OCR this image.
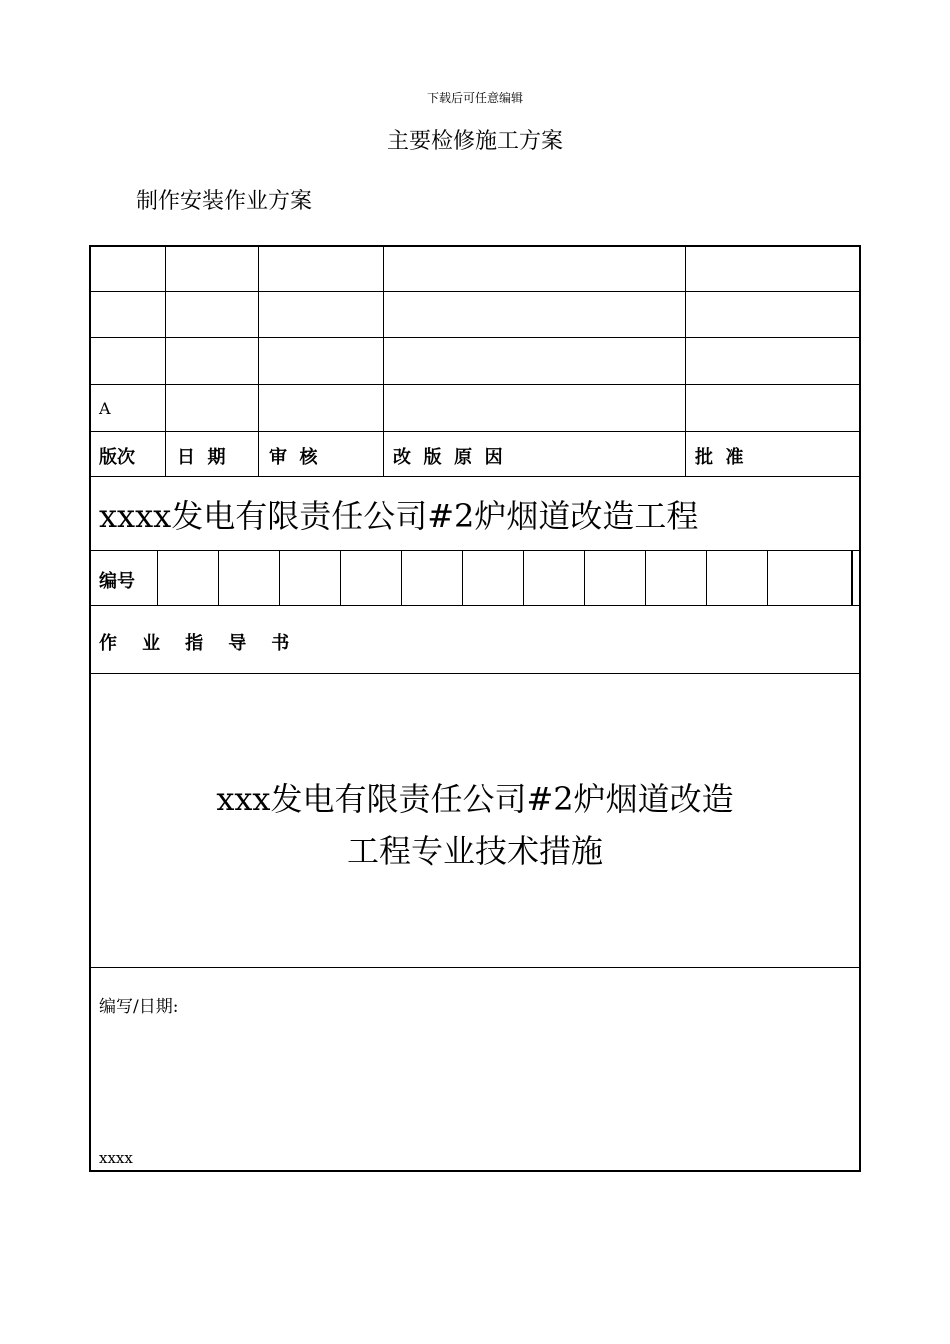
下载后可任意编辑
主要检修施工方案
制作安装作业方案
A
版次 日  期 审  核	改  版  原  因	批  准
xxxx发电有限责任公司#2炉烟道改造工程
编号
作    业    指    导    书
xxx发电有限责任公司#2炉烟道改造
工程专业技术措施
编写/日期:
xxxx
